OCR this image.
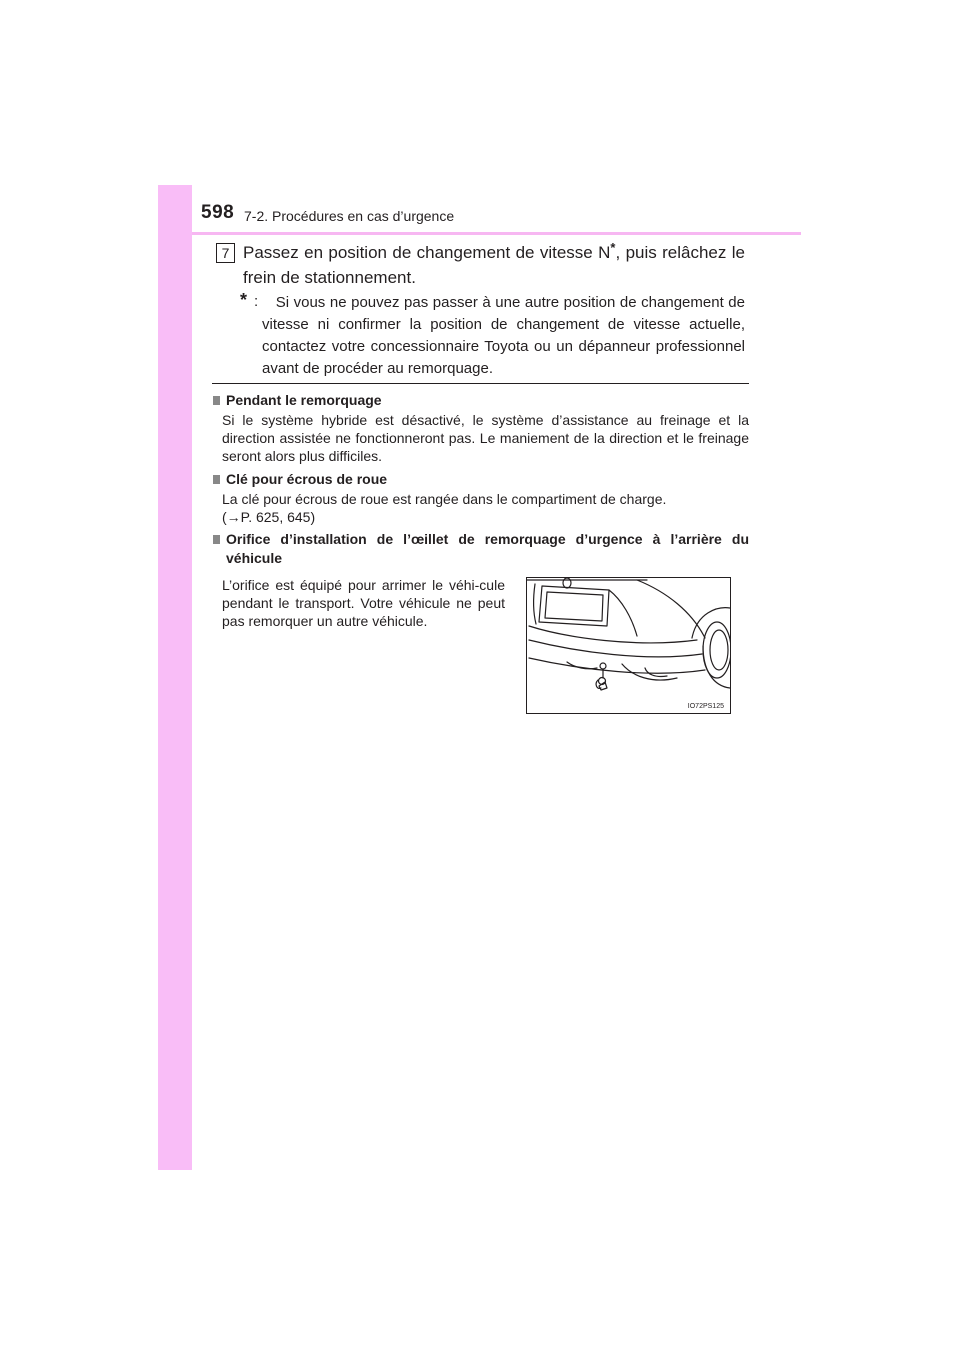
598 7-2. Procédures en cas d’urgence
7 Passez en position de changement de vitesse N*, puis relâchez le frein de stationnement.
* :	Si vous ne pouvez pas passer à une autre position de changement de vitesse ni confirmer la position de changement de vitesse actuelle, contactez votre concessionnaire Toyota ou un dépanneur professionnel avant de procéder au remorquage.
Pendant le remorquage
Si le système hybride est désactivé, le système d’assistance au freinage et la direction assistée ne fonctionneront pas. Le maniement de la direction et le freinage seront alors plus difficiles.
Clé pour écrous de roue
La clé pour écrous de roue est rangée dans le compartiment de charge.
(→P. 625, 645)
Orifice d’installation de l’œillet de remorquage d’urgence à l’arrière du véhicule
L’orifice est équipé pour arrimer le véhi-cule pendant le transport. Votre véhicule ne peut pas remorquer un autre véhicule.
IO72PS125
